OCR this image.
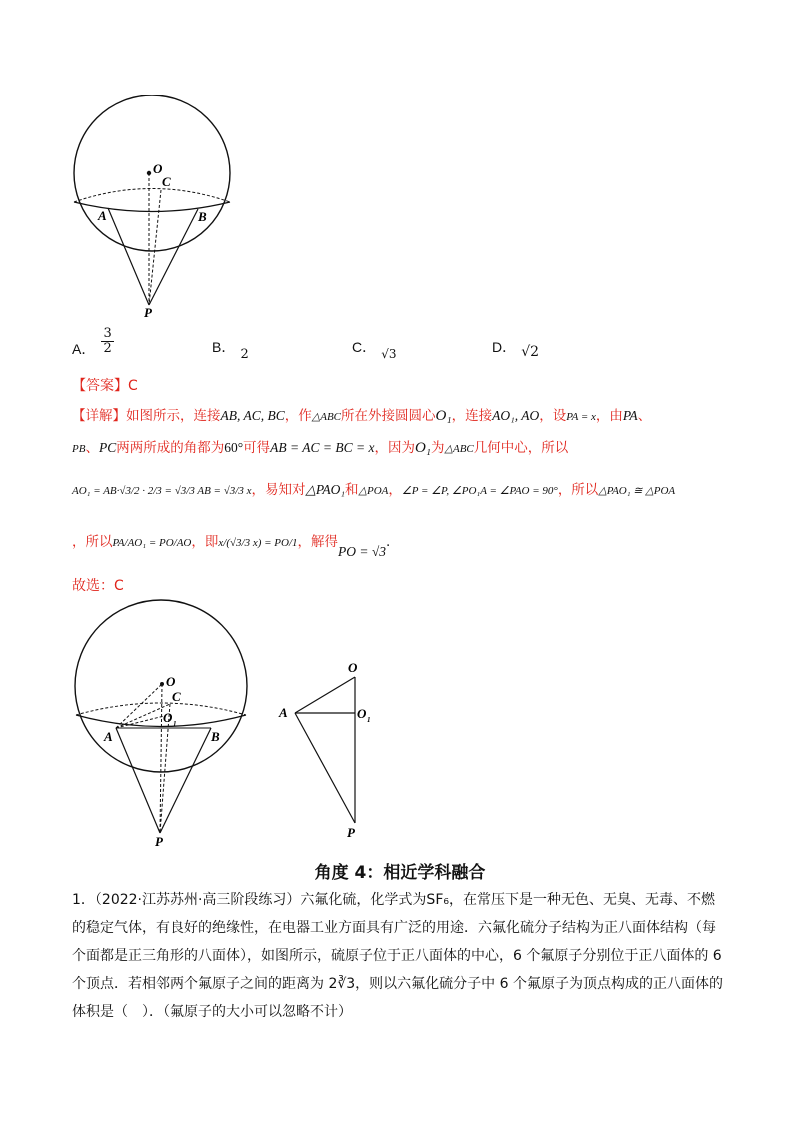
O
C
A	B
P
A． $\frac{3}{2}$	B． $_2$	C． $_{√3}$	D． √2
【答案】C
【详解】如图所示，连接AB, AC, BC，作△ABC所在外接圆圆心O₁，连接AO₁, AO，设PA = x，由PA、
PB、PC两两所成的角都为60°可得AB = AC = BC = x，因为O₁为△ABC几何中心，所以
AO₁ = AB·√3/2 · 2/3 = √3/3 AB = √3/3 x，易知对△PAO₁和△POA，∠P = ∠P, ∠PO₁A = ∠PAO = 90°，所以△PAO₁ ≅ △POA
，所以PA/AO₁ = PO/AO，即x/(√3/3 x) = PO/1，解得PO = √3.
故选：C
O
C
O 1
A	B
P
O
A	O 1
P
角度 4：相近学科融合
1．（2022·江苏苏州·高三阶段练习）六氟化硫，化学式为SF₆，在常压下是一种无色、无臭、无毒、不燃
的稳定气体，有良好的绝缘性，在电器工业方面具有广泛的用途．六氟化硫分子结构为正八面体结构（每
个面都是正三角形的八面体），如图所示，硫原子位于正八面体的中心，6 个氟原子分别位于正八面体的 6
个顶点．若相邻两个氟原子之间的距离为 2∛3，则以六氟化硫分子中 6 个氟原子为顶点构成的正八面体的
体积是（　）．（氟原子的大小可以忽略不计）
